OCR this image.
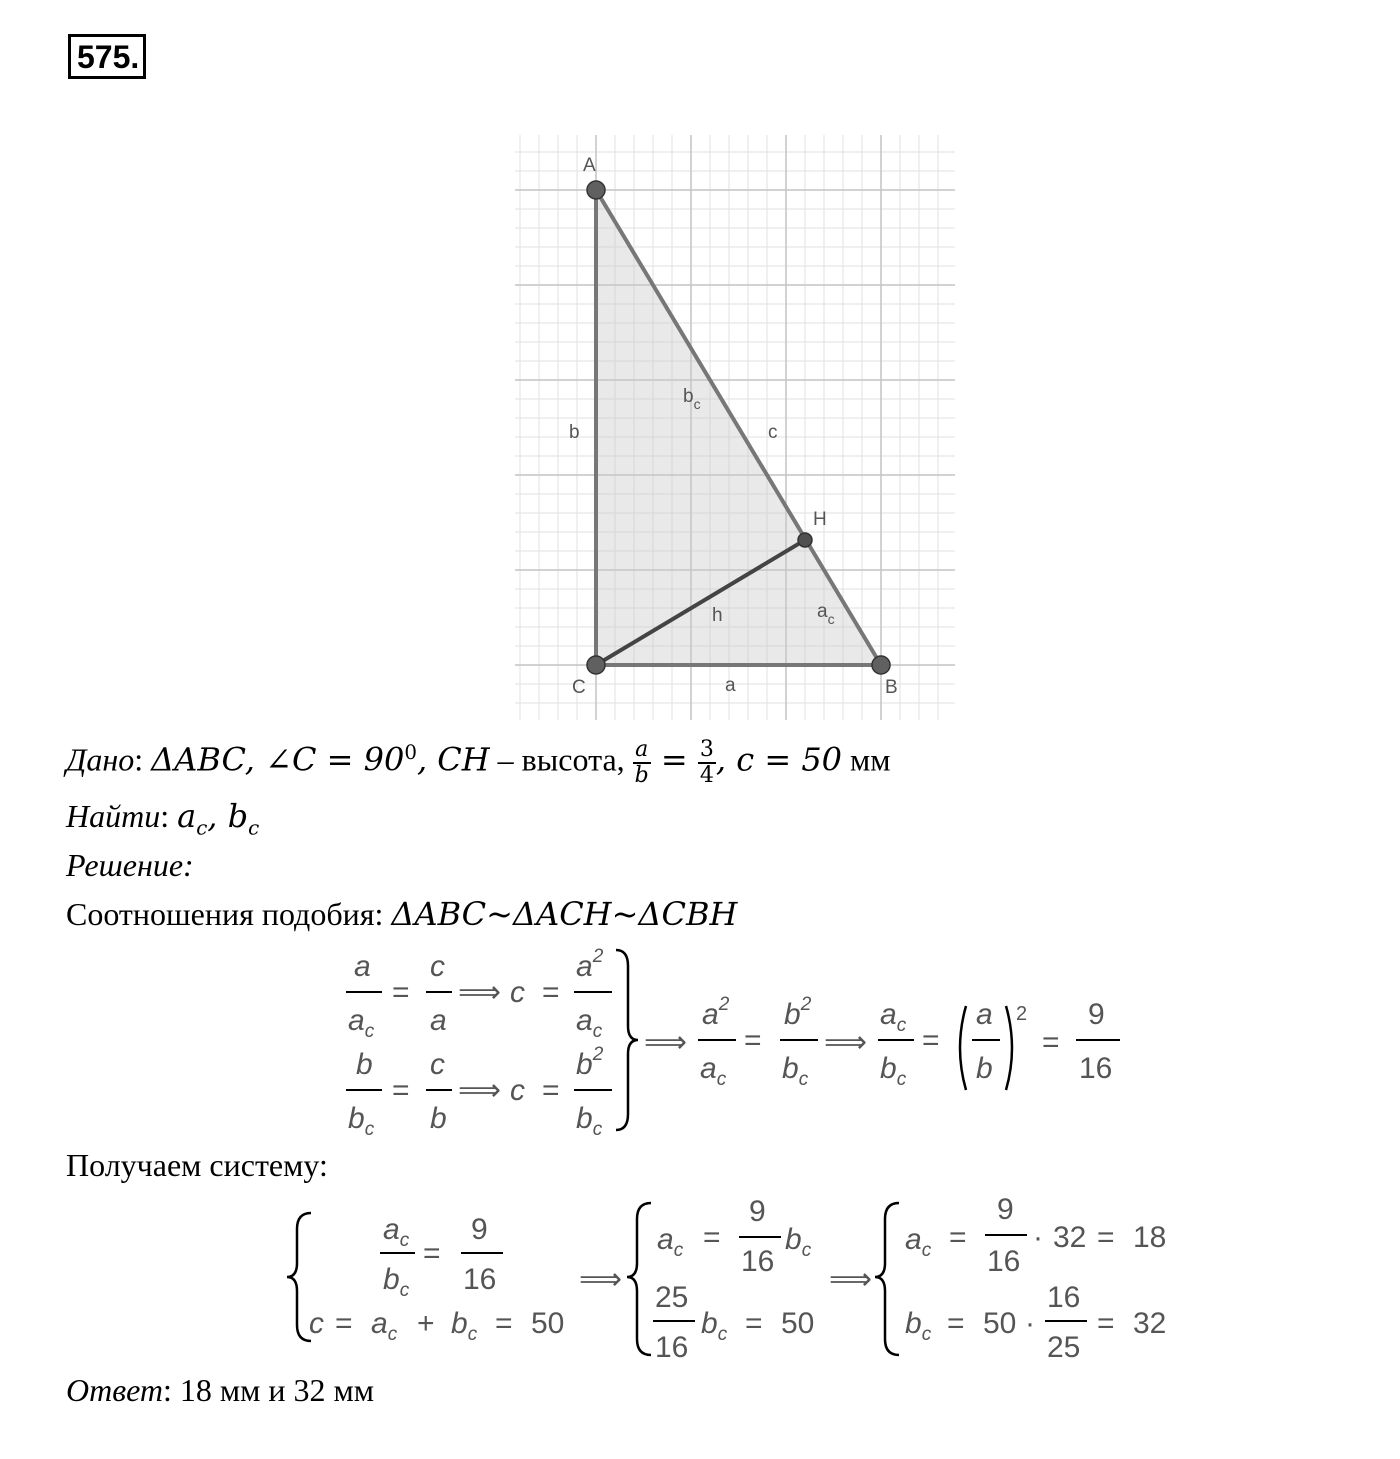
575.
A
B
C
H
b
$b_c$
c
h	$a_c$
a
Дано: ΔABC, ∠C = $90^0$, CH – высота, $\frac{a}{b} = \frac{3}{4}$ , c = 50 мм
Найти: $a_c$, $b_c$
Решение:
Соотношения подобия: ΔABC~ΔACH~ΔCBH
a
$a_c$
=
c
a
⟹ c =
$a^2$
$a_c$
b
$b_c$
=
c
b
⟹ c =
$b^2$
$b_c$
⟹
$a^2$
$a_c$
=
$b^2$
$b_c$
⟹
$a_c$
$b_c$
=
a
b
2
=
9
16
Получаем систему:
$a_c$
$b_c$
=
9
16
$c = a_c + b_c = 50$
⟹
$a_c$ =
9
16
$b_c$
25
16
$b_c = 50$
⟹
$a_c$ =
9
16
· 32 = 18
$b_c = 50$ ·
16
25
= 32
Ответ: 18 мм и 32 мм
